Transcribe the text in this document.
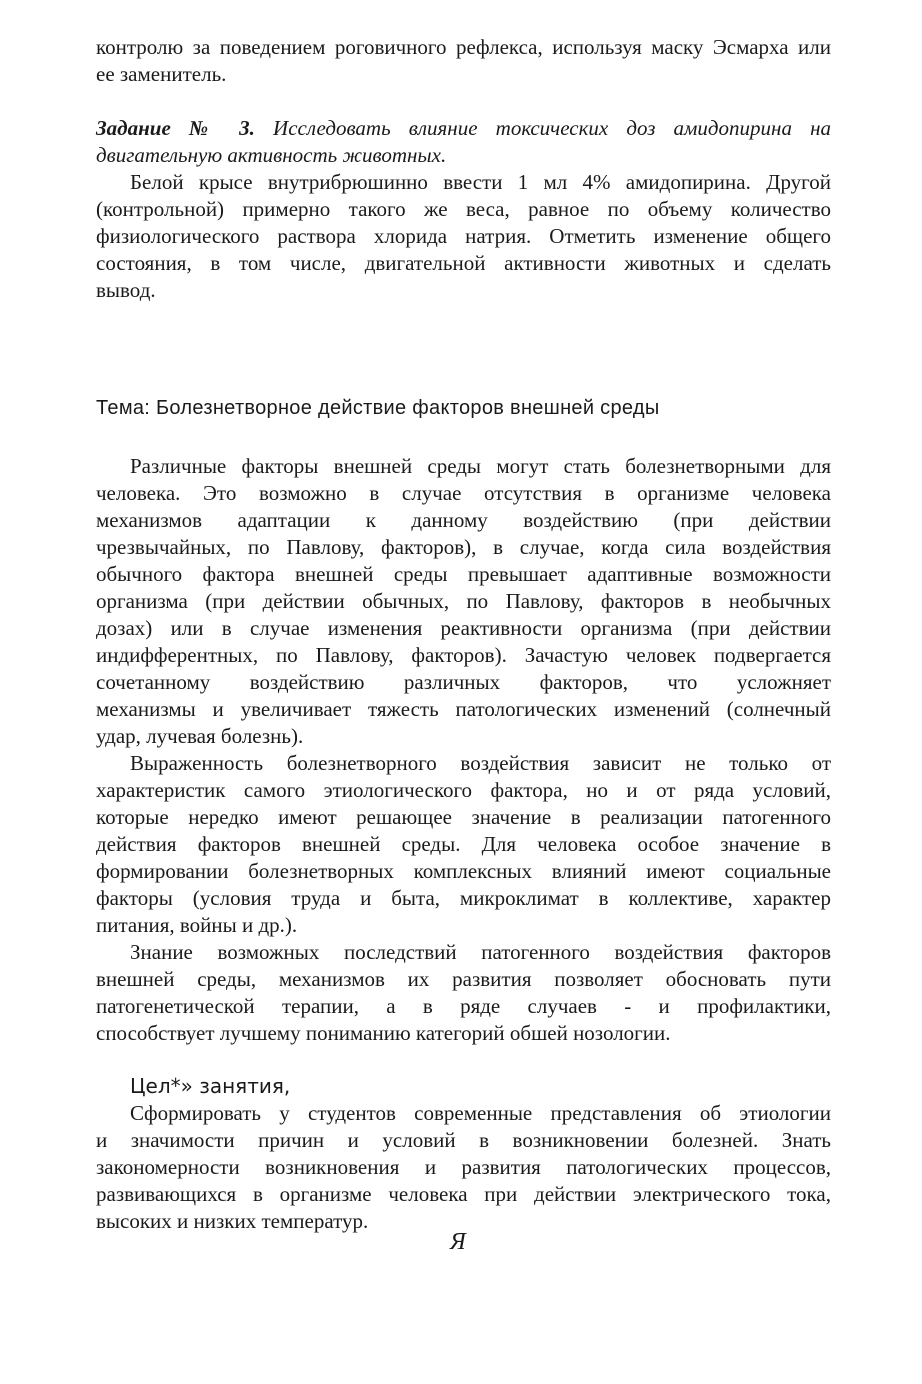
контролю за поведением роговичного рефлекса, используя маску Эсмарха или
ее заменитель.
Задание № 3. Исследовать влияние токсических доз амидопирина на
двигательную активность животных.
Белой крысе внутрибрюшинно ввести 1 мл 4% амидопирина. Другой
(контрольной) примерно такого же веса, равное по объему количество
физиологического раствора хлорида натрия. Отметить изменение общего
состояния, в том числе, двигательной активности животных и сделать
вывод.
Тема: Болезнетворное действие факторов внешней среды
Различные факторы внешней среды могут стать болезнетворными для
человека. Это возможно в случае отсутствия в организме человека
механизмов адаптации к данному воздействию (при действии
чрезвычайных, по Павлову, факторов), в случае, когда сила воздействия
обычного фактора внешней среды превышает адаптивные возможности
организма (при действии обычных, по Павлову, факторов в необычных
дозах) или в случае изменения реактивности организма (при действии
индифферентных, по Павлову, факторов). Зачастую человек подвергается
сочетанному воздействию различных факторов, что усложняет
механизмы и увеличивает тяжесть патологических изменений (солнечный
удар, лучевая болезнь).
Выраженность болезнетворного воздействия зависит не только от
характеристик самого этиологического фактора, но и от ряда условий,
которые нередко имеют решающее значение в реализации патогенного
действия факторов внешней среды. Для человека особое значение в
формировании болезнетворных комплексных влияний имеют социальные
факторы (условия труда и быта, микроклимат в коллективе, характер
питания, войны и др.).
Знание возможных последствий патогенного воздействия факторов
внешней среды, механизмов их развития позволяет обосновать пути
патогенетической терапии, а в ряде случаев - и профилактики,
способствует лучшему пониманию категорий обшей нозологии.
Цел*» занятия,
Сформировать у студентов современные представления об этиологии
и значимости причин и условий в возникновении болезней. Знать
закономерности возникновения и развития патологических процессов,
развивающихся в организме человека при действии электрического тока,
высоких и низких температур.
Я
